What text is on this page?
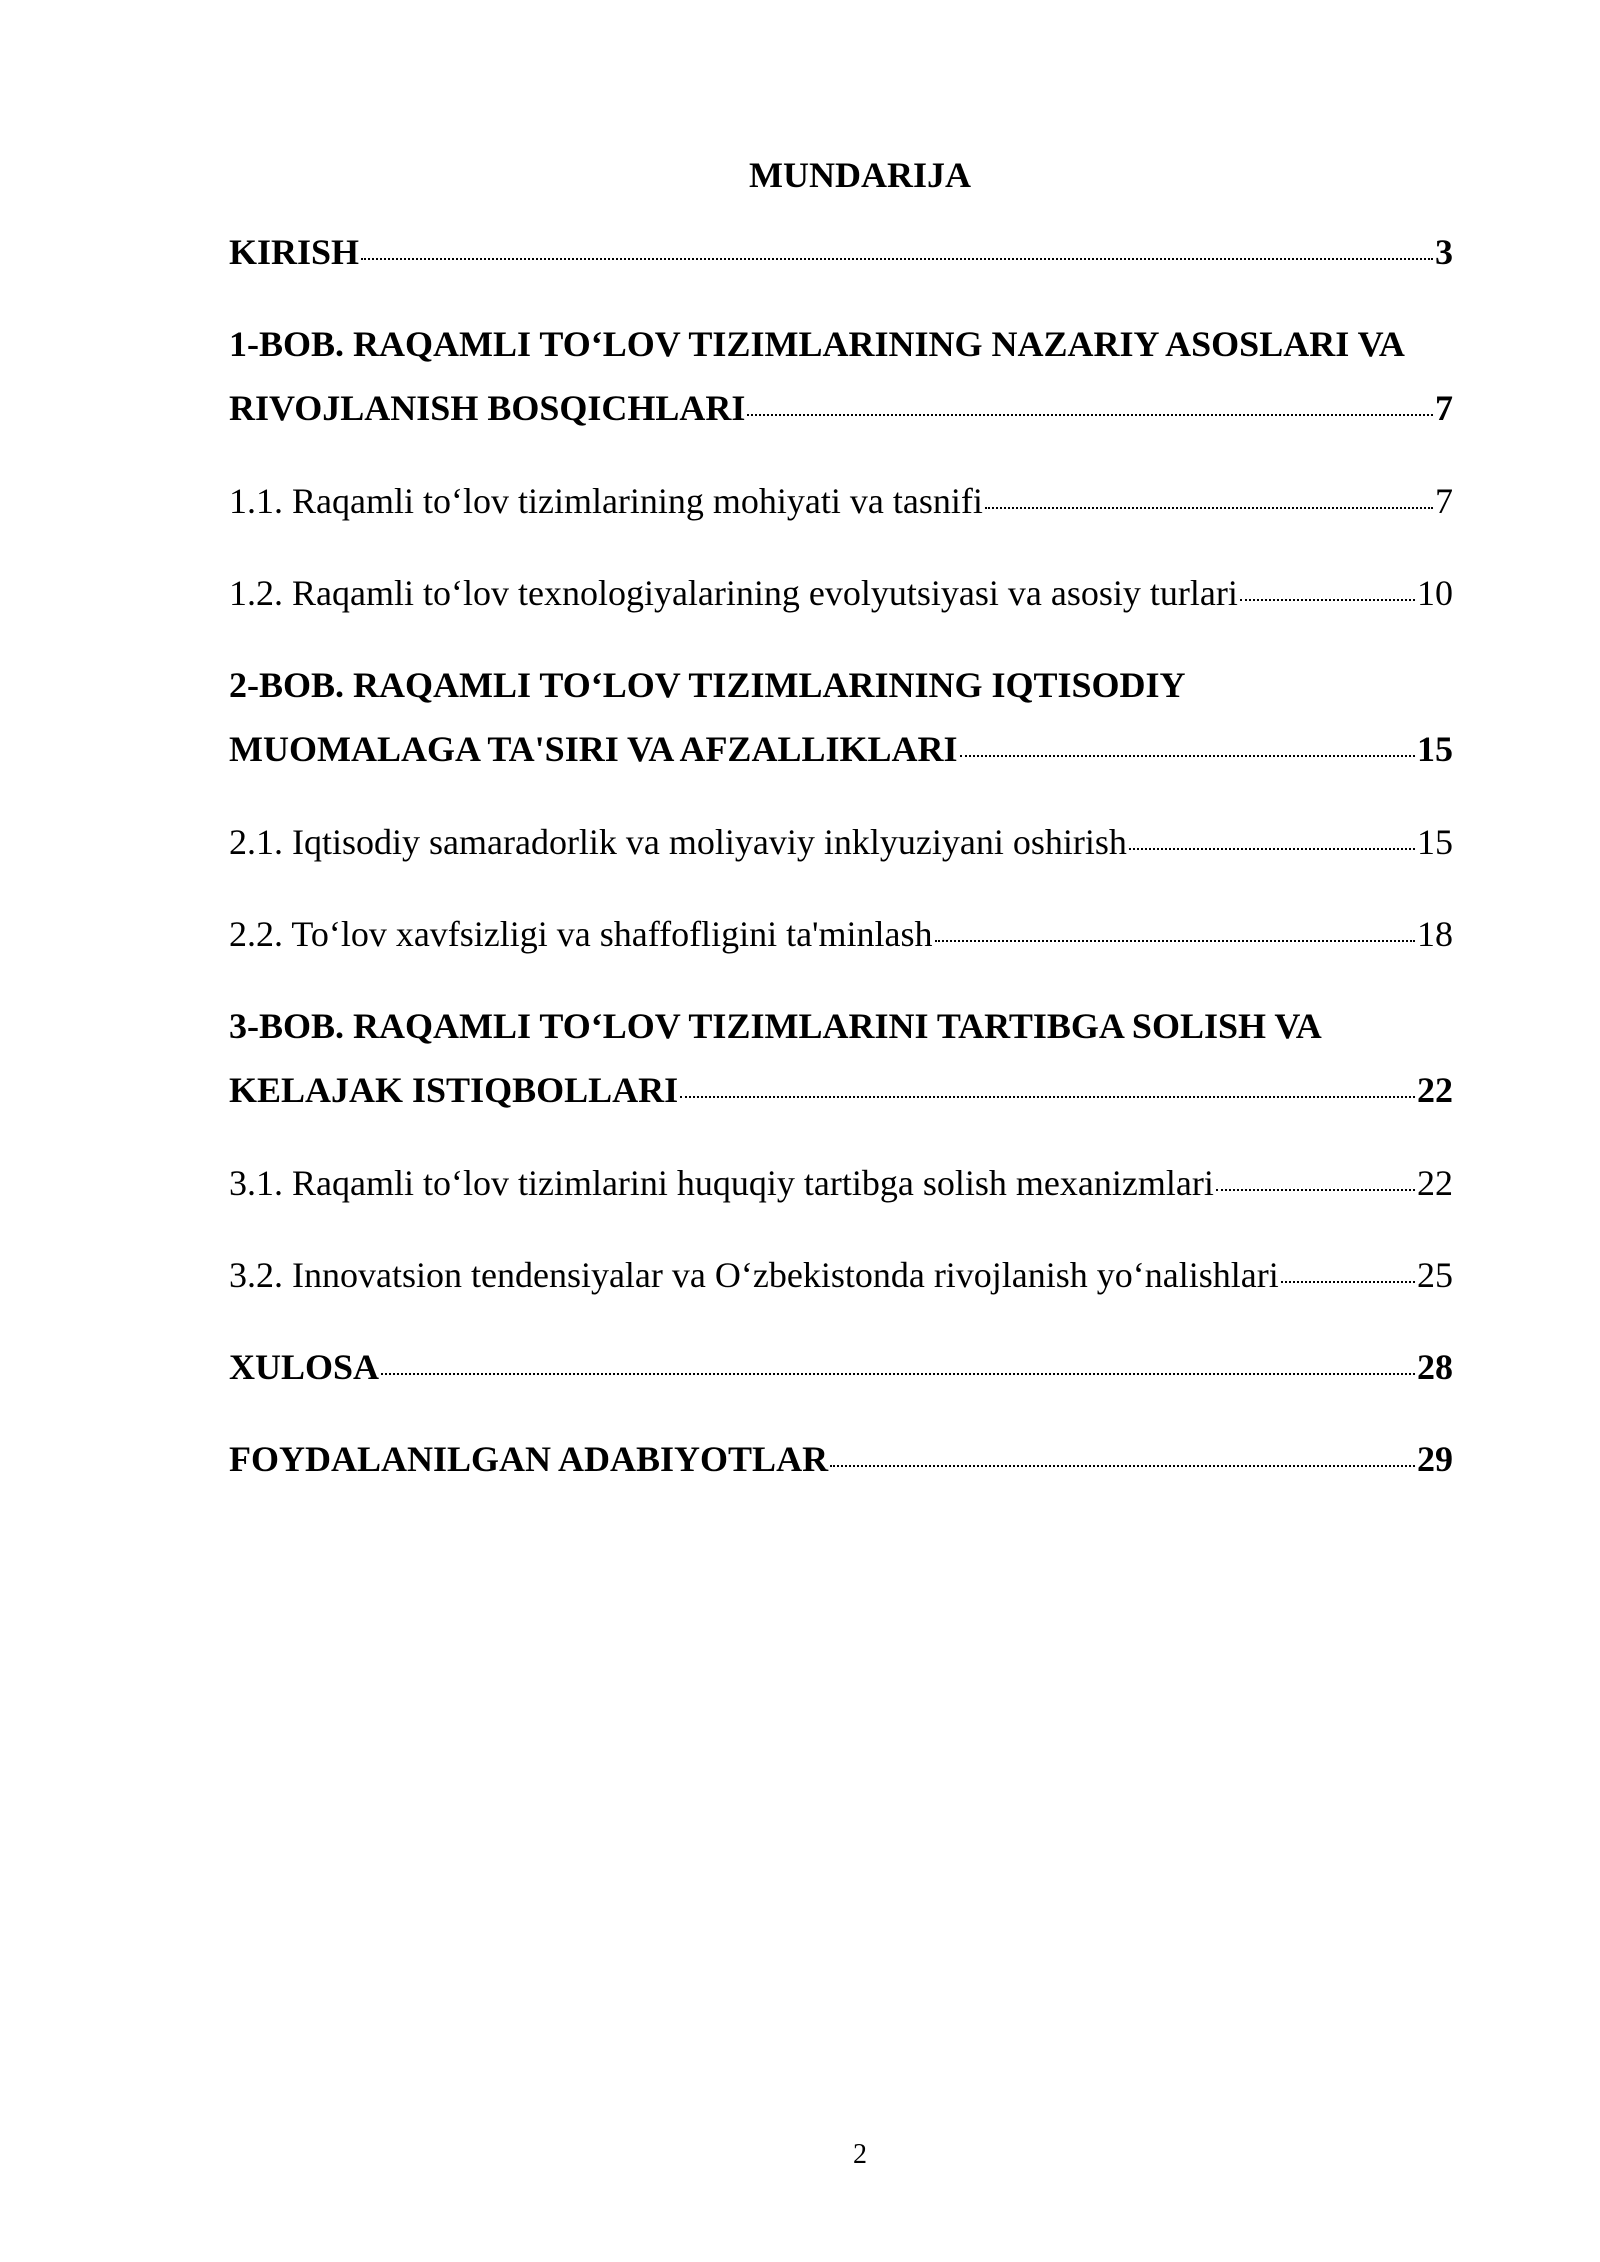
MUNDARIJA
KIRISH	3
1-BOB. RAQAMLI TO‘LOV TIZIMLARINING NAZARIY ASOSLARI VA
RIVOJLANISH BOSQICHLARI	7
1.1. Raqamli to‘lov tizimlarining mohiyati va tasnifi	7
1.2. Raqamli to‘lov texnologiyalarining evolyutsiyasi va asosiy turlari	10
2-BOB. RAQAMLI TO‘LOV TIZIMLARINING IQTISODIY
MUOMALAGA TA'SIRI VA AFZALLIKLARI	15
2.1. Iqtisodiy samaradorlik va moliyaviy inklyuziyani oshirish	15
2.2. To‘lov xavfsizligi va shaffofligini ta'minlash	18
3-BOB. RAQAMLI TO‘LOV TIZIMLARINI TARTIBGA SOLISH VA
KELAJAK ISTIQBOLLARI	22
3.1. Raqamli to‘lov tizimlarini huquqiy tartibga solish mexanizmlari	22
3.2. Innovatsion tendensiyalar va O‘zbekistonda rivojlanish yo‘nalishlari	25
XULOSA	28
FOYDALANILGAN ADABIYOTLAR	29
2
